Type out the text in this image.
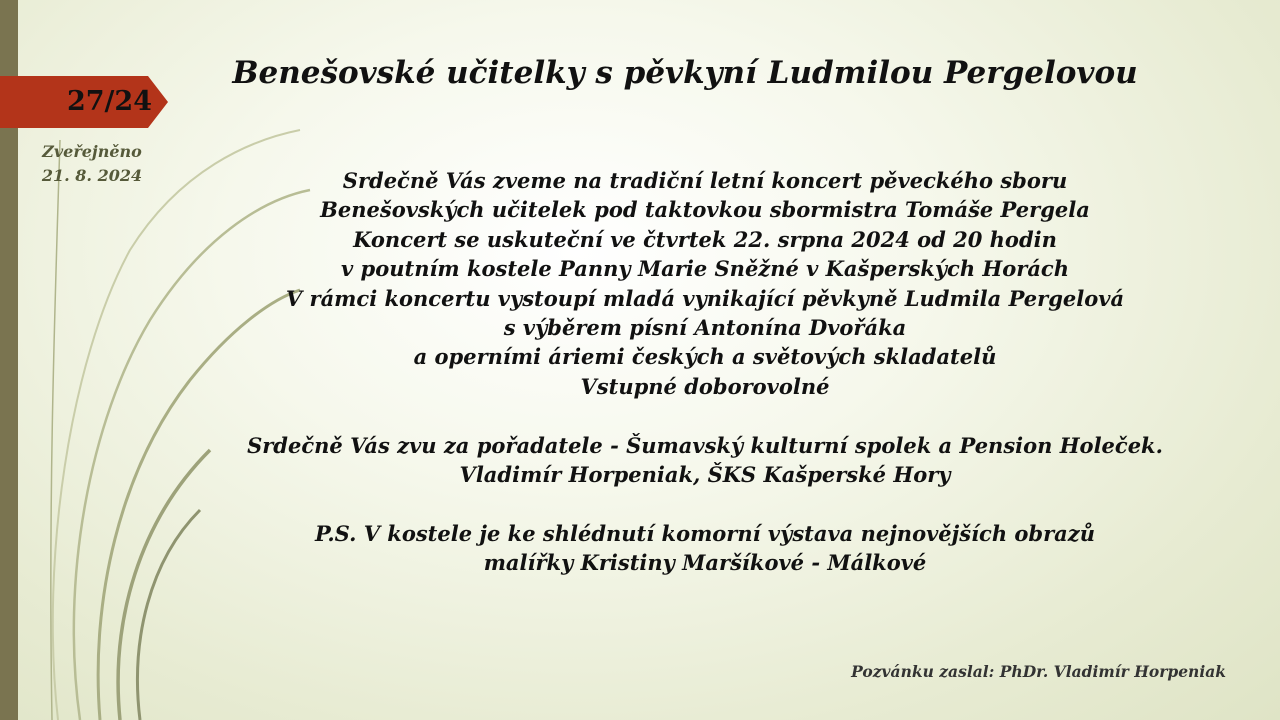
27/24
Zveřejněno
21. 8. 2024
Benešovské učitelky s pěvkyní Ludmilou Pergelovou
Srdečně Vás zveme na tradiční letní koncert pěveckého sboru
Benešovských učitelek pod taktovkou sbormistra Tomáše Pergela
Koncert se uskuteční ve čtvrtek 22. srpna 2024 od 20 hodin
v poutním kostele Panny Marie Sněžné v Kašperských Horách
V rámci koncertu vystoupí mladá vynikající pěvkyně Ludmila Pergelová
s výběrem písní Antonína Dvořáka
a operními áriemi českých a světových skladatelů
Vstupné doborovolné
Srdečně Vás zvu za pořadatele - Šumavský kulturní spolek a Pension Holeček.
Vladimír Horpeniak, ŠKS Kašperské Hory
P.S. V kostele je ke shlédnutí komorní výstava nejnovějších obrazů
malířky Kristiny Maršíkové - Málkové
Pozvánku zaslal: PhDr. Vladimír Horpeniak
